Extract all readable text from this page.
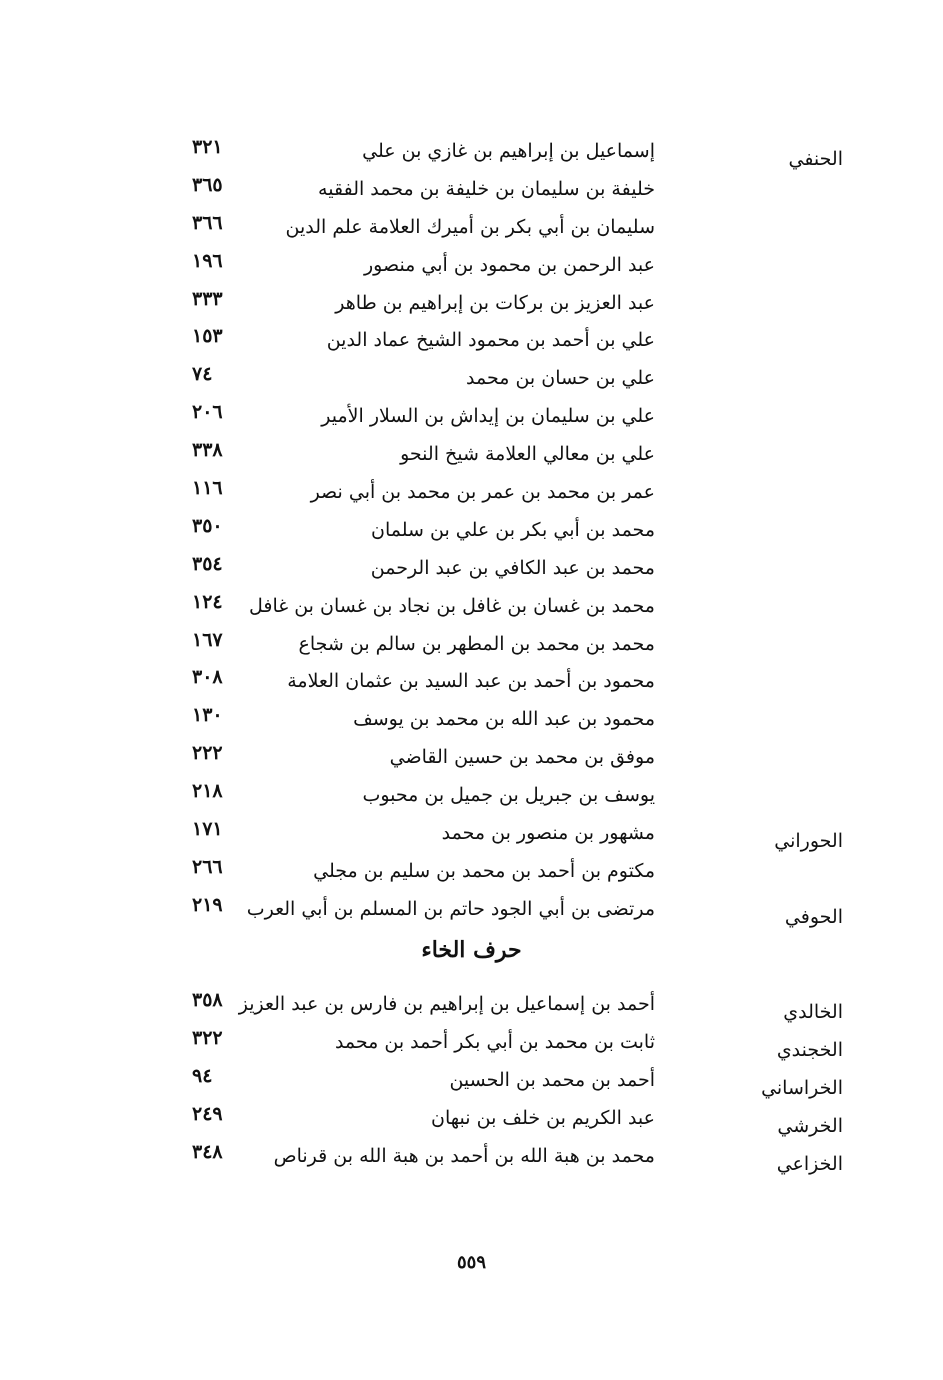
الحنفي
إسماعيل بن إبراهيم بن غازي بن علي
٣٢١
خليفة بن سليمان بن خليفة بن محمد الفقيه
٣٦٥
سليمان بن أبي بكر بن أميرك العلامة علم الدين
٣٦٦
عبد الرحمن بن محمود بن أبي منصور
١٩٦
عبد العزيز بن بركات بن إبراهيم بن طاهر
٣٣٣
علي بن أحمد بن محمود الشيخ عماد الدين
١٥٣
علي بن حسان بن محمد
٧٤
علي بن سليمان بن إيداش بن السلار الأمير
٢٠٦
علي بن معالي العلامة شيخ النحو
٣٣٨
عمر بن محمد بن عمر بن محمد بن أبي نصر
١١٦
محمد بن أبي بكر بن علي بن سلمان
٣٥٠
محمد بن عبد الكافي بن عبد الرحمن
٣٥٤
محمد بن غسان بن غافل بن نجاد بن غسان بن غافل
١٢٤
محمد بن محمد بن المطهر بن سالم بن شجاع
١٦٧
محمود بن أحمد بن عبد السيد بن عثمان العلامة
٣٠٨
محمود بن عبد الله بن محمد بن يوسف
١٣٠
موفق بن محمد بن حسين القاضي
٢٢٢
يوسف بن جبريل بن جميل بن محبوب
٢١٨
الحوراني
مشهور بن منصور بن محمد
١٧١
مكتوم بن أحمد بن محمد بن سليم بن مجلي
٢٦٦
الحوفي
مرتضى بن أبي الجود حاتم بن المسلم بن أبي العرب
٢١٩
حرف الخاء
الخالدي
أحمد بن إسماعيل بن إبراهيم بن فارس بن عبد العزيز
٣٥٨
الخجندي
ثابت بن محمد بن أبي بكر أحمد بن محمد
٣٢٢
الخراساني
أحمد بن محمد بن الحسين
٩٤
الخرشي
عبد الكريم بن خلف بن نبهان
٢٤٩
الخزاعي
محمد بن هبة الله بن أحمد بن هبة الله بن قرناص
٣٤٨
٥٥٩
